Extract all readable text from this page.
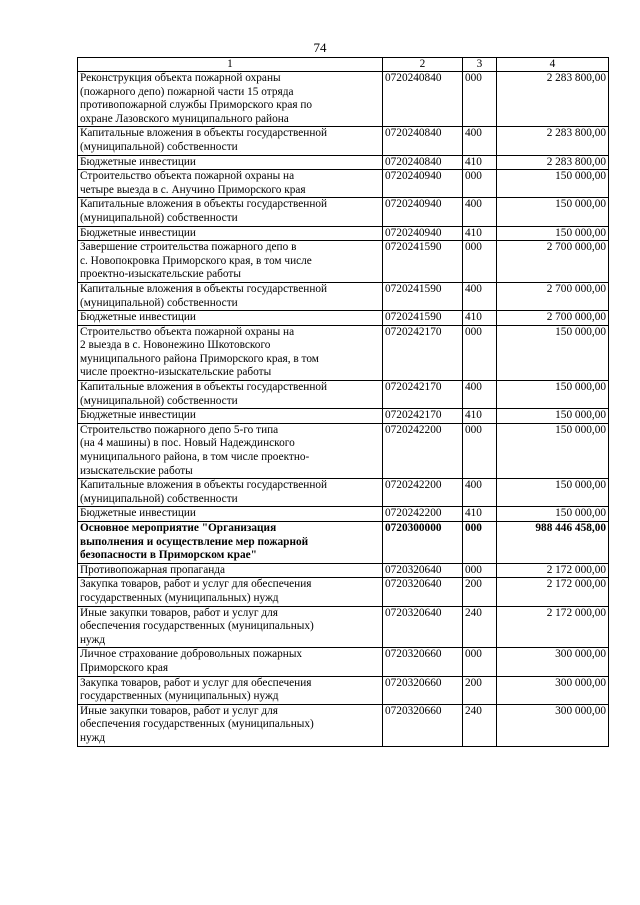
74
1	2	3	4

Реконструкция объекта пожарной охраны
(пожарного депо) пожарной части 15 отряда
противопожарной службы Приморского края по
охране Лазовского муниципального района	0720240840	000	2 283 800,00

Капитальные вложения в объекты государственной
(муниципальной) собственности	0720240840	400	2 283 800,00

Бюджетные инвестиции	0720240840	410	2 283 800,00

Строительство объекта пожарной охраны на
четыре выезда в с. Анучино Приморского края	0720240940	000	150 000,00

Капитальные вложения в объекты государственной
(муниципальной) собственности	0720240940	400	150 000,00

Бюджетные инвестиции	0720240940	410	150 000,00

Завершение строительства пожарного депо в
с. Новопокровка Приморского края, в том числе
проектно-изыскательские работы	0720241590	000	2 700 000,00

Капитальные вложения в объекты государственной
(муниципальной) собственности	0720241590	400	2 700 000,00

Бюджетные инвестиции	0720241590	410	2 700 000,00

Строительство объекта пожарной охраны на
2 выезда в с. Новонежино Шкотовского
муниципального района Приморского края, в том
числе проектно-изыскательские работы	0720242170	000	150 000,00

Капитальные вложения в объекты государственной
(муниципальной) собственности	0720242170	400	150 000,00

Бюджетные инвестиции	0720242170	410	150 000,00

Строительство пожарного депо 5-го типа
(на 4 машины) в пос. Новый Надеждинского
муниципального района, в том числе проектно-
изыскательские работы	0720242200	000	150 000,00

Капитальные вложения в объекты государственной
(муниципальной) собственности	0720242200	400	150 000,00

Бюджетные инвестиции	0720242200	410	150 000,00

Основное мероприятие "Организация
выполнения и осуществление мер пожарной
безопасности в Приморском крае"	0720300000	000	988 446 458,00

Противопожарная пропаганда	0720320640	000	2 172 000,00

Закупка товаров, работ и услуг для обеспечения
государственных (муниципальных) нужд	0720320640	200	2 172 000,00

Иные закупки товаров, работ и услуг для
обеспечения государственных (муниципальных)
нужд	0720320640	240	2 172 000,00

Личное страхование добровольных пожарных
Приморского края	0720320660	000	300 000,00

Закупка товаров, работ и услуг для обеспечения
государственных (муниципальных) нужд	0720320660	200	300 000,00

Иные закупки товаров, работ и услуг для
обеспечения государственных (муниципальных)
нужд	0720320660	240	300 000,00
